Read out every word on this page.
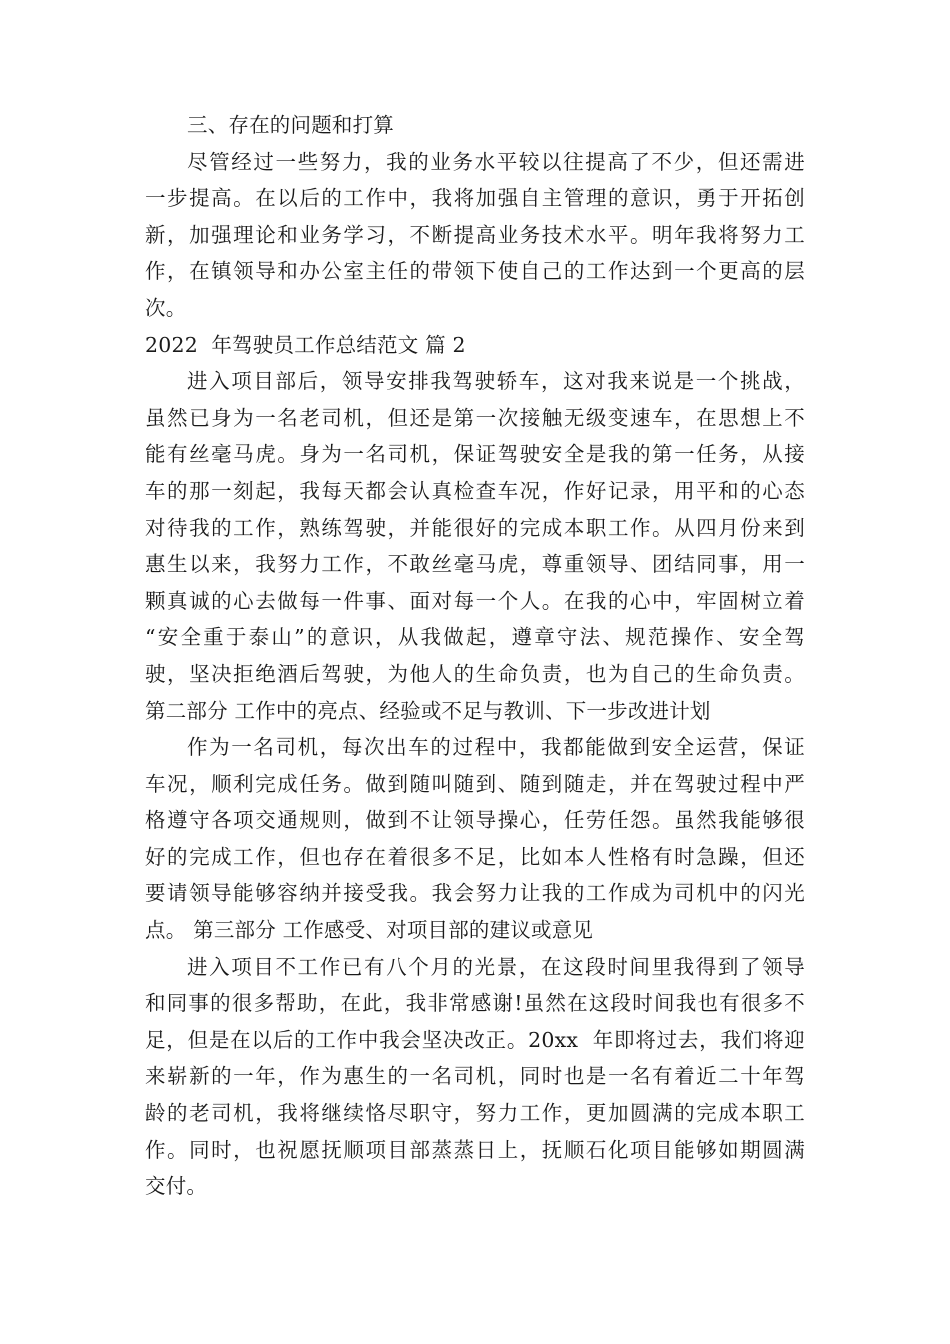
三、存在的问题和打算
尽管经过一些努力，我的业务水平较以往提高了不少，但还需进
一步提高。在以后的工作中，我将加强自主管理的意识，勇于开拓创
新，加强理论和业务学习，不断提高业务技术水平。明年我将努力工
作，在镇领导和办公室主任的带领下使自己的工作达到一个更高的层
次。
2022  年驾驶员工作总结范文 篇 2
进入项目部后，领导安排我驾驶轿车，这对我来说是一个挑战，
虽然已身为一名老司机，但还是第一次接触无级变速车，在思想上不
能有丝毫马虎。身为一名司机，保证驾驶安全是我的第一任务，从接
车的那一刻起，我每天都会认真检查车况，作好记录，用平和的心态
对待我的工作，熟练驾驶，并能很好的完成本职工作。从四月份来到
惠生以来，我努力工作，不敢丝毫马虎，尊重领导、团结同事，用一
颗真诚的心去做每一件事、面对每一个人。在我的心中，牢固树立着
“安全重于泰山”的意识，从我做起，遵章守法、规范操作、安全驾
驶，坚决拒绝酒后驾驶，为他人的生命负责，也为自己的生命负责。
第二部分 工作中的亮点、经验或不足与教训、下一步改进计划
作为一名司机，每次出车的过程中，我都能做到安全运营，保证
车况，顺利完成任务。做到随叫随到、随到随走，并在驾驶过程中严
格遵守各项交通规则，做到不让领导操心，任劳任怨。虽然我能够很
好的完成工作，但也存在着很多不足，比如本人性格有时急躁，但还
要请领导能够容纳并接受我。我会努力让我的工作成为司机中的闪光
点。 第三部分 工作感受、对项目部的建议或意见
进入项目不工作已有八个月的光景，在这段时间里我得到了领导
和同事的很多帮助，在此，我非常感谢!虽然在这段时间我也有很多不
足，但是在以后的工作中我会坚决改正。20xx  年即将过去，我们将迎
来崭新的一年，作为惠生的一名司机，同时也是一名有着近二十年驾
龄的老司机，我将继续恪尽职守，努力工作，更加圆满的完成本职工
作。同时，也祝愿抚顺项目部蒸蒸日上，抚顺石化项目能够如期圆满
交付。
